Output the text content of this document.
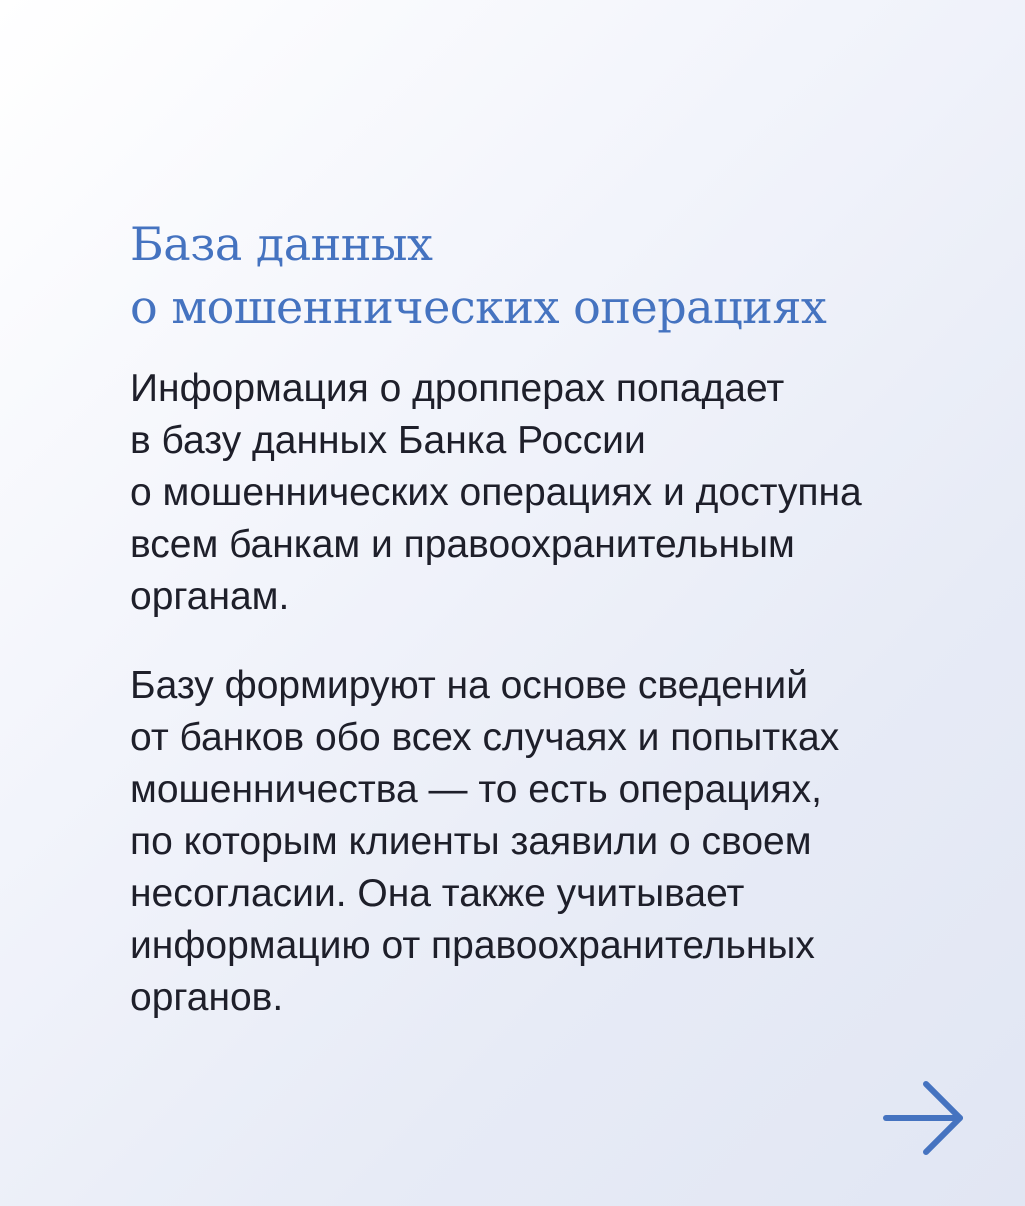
База данных
о мошеннических операциях

Информация о дропперах попадает
в базу данных Банка России
о мошеннических операциях и доступна
всем банкам и правоохранительным
органам.

Базу формируют на основе сведений
от банков обо всех случаях и попытках
мошенничества — то есть операциях,
по которым клиенты заявили о своем
несогласии. Она также учитывает
информацию от правоохранительных
органов.
